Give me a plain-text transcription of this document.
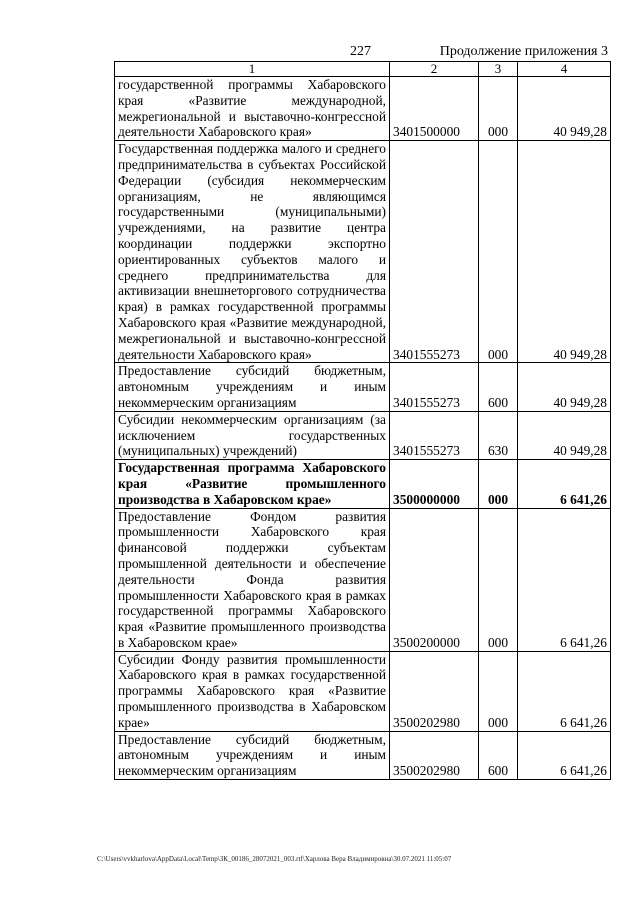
227	Продолжение приложения 3
1	2	3	4
государственной программы Хабаровского края «Развитие международной, межрегиональной и выставочно-конгрессной деятельности Хабаровского края»	3401500000	000	40 949,28
Государственная поддержка малого и среднего предпринимательства в субъектах Российской Федерации (субсидия некоммерческим организациям, не являющимся государственными (муниципальными) учреждениями, на развитие центра координации поддержки экспортно ориентированных субъектов малого и среднего предпринимательства для активизации внешнеторгового сотрудничества края) в рамках государственной программы Хабаровского края «Развитие международной, межрегиональной и выставочно-конгрессной деятельности Хабаровского края»	3401555273	000	40 949,28
Предоставление субсидий бюджетным, автономным учреждениям и иным некоммерческим организациям	3401555273	600	40 949,28
Субсидии некоммерческим организациям (за исключением государственных (муниципальных) учреждений)	3401555273	630	40 949,28
Государственная программа Хабаровского края «Развитие промышленного производства в Хабаровском крае»	3500000000	000	6 641,26
Предоставление Фондом развития промышленности Хабаровского края финансовой поддержки субъектам промышленной деятельности и обеспечение деятельности Фонда развития промышленности Хабаровского края в рамках государственной программы Хабаровского края «Развитие промышленного производства в Хабаровском крае»	3500200000	000	6 641,26
Субсидии Фонду развития промышленности Хабаровского края в рамках государственной программы Хабаровского края «Развитие промышленного производства в Хабаровском крае»	3500202980	000	6 641,26
Предоставление субсидий бюджетным, автономным учреждениям и иным некоммерческим организациям	3500202980	600	6 641,26
C:\Users\vvkharlova\AppData\Local\Temp\ЗК_00186_28072021_003.rtf\Харлова Вера Владимировна\30.07.2021 11:05:07
